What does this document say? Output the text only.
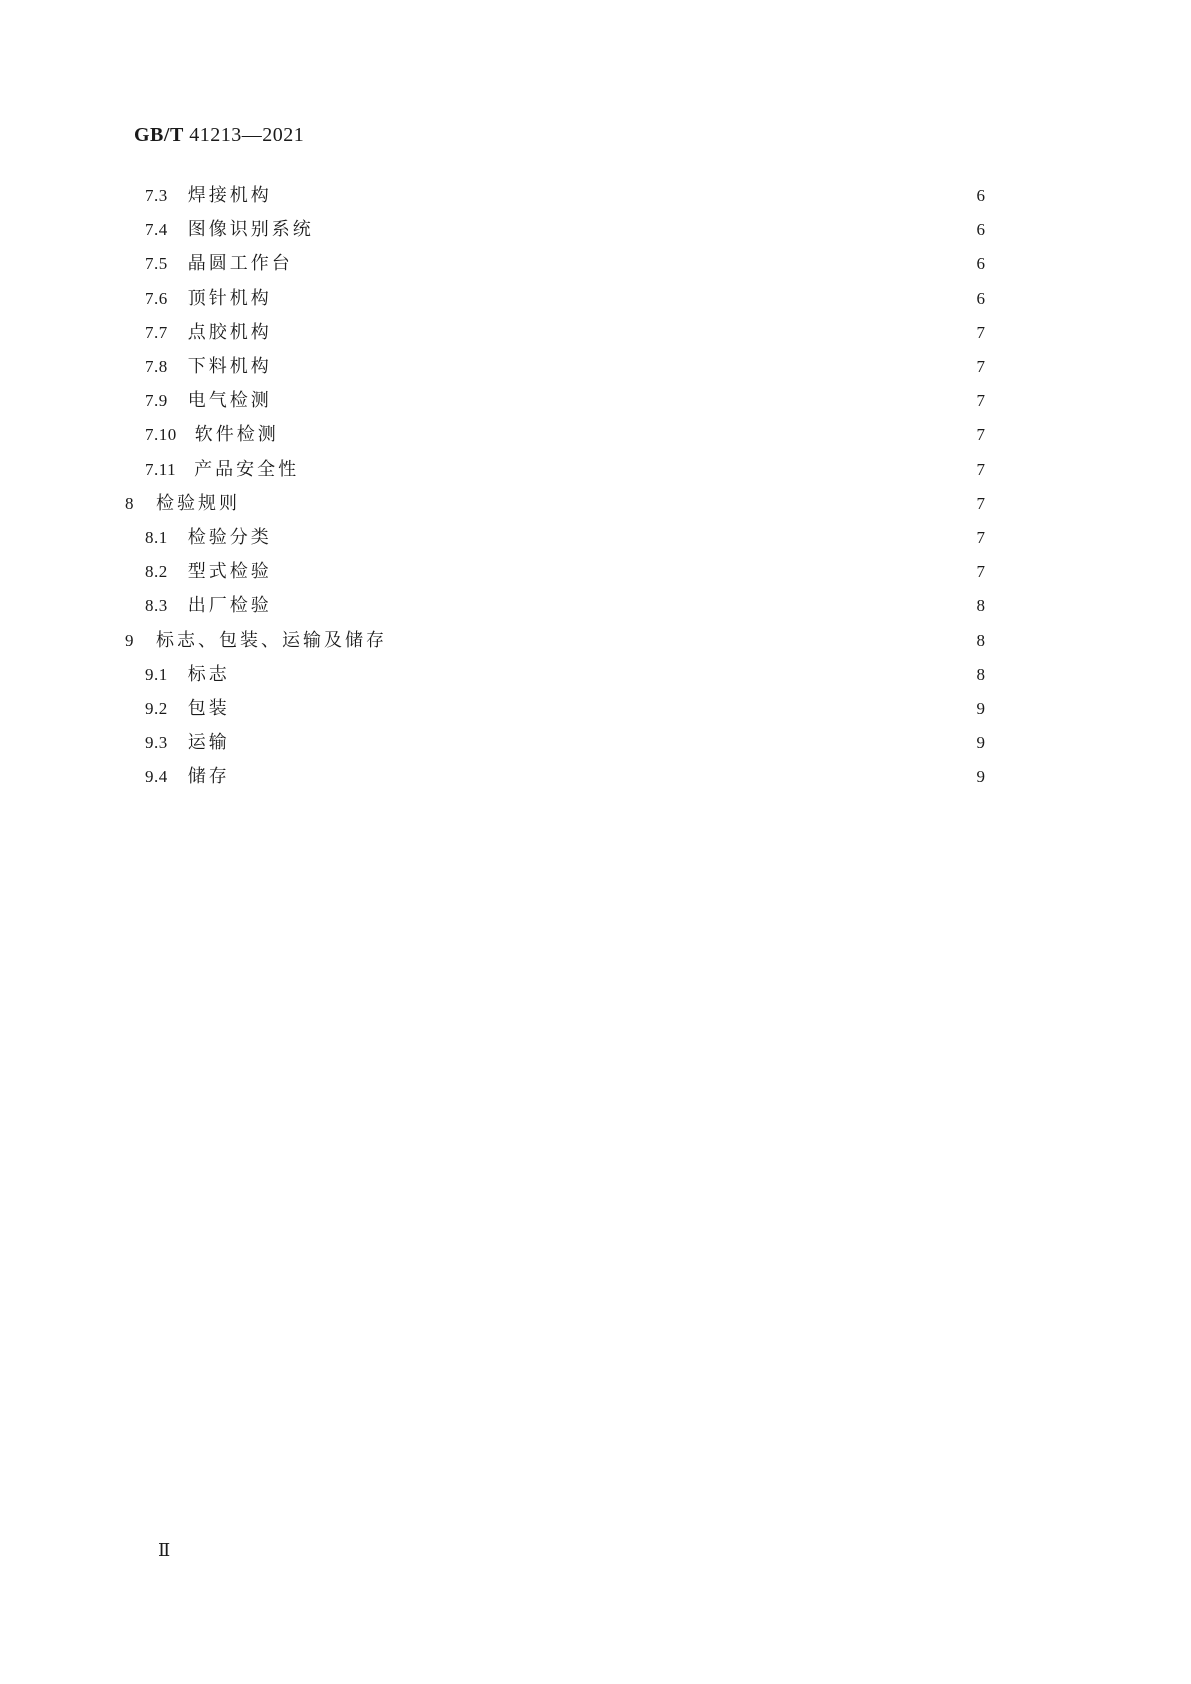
GB/T 41213—2021
7.3 焊接机构	6
7.4 图像识别系统	6
7.5 晶圆工作台	6
7.6 顶针机构	6
7.7 点胶机构	7
7.8 下料机构	7
7.9 电气检测	7
7.10 软件检测	7
7.11 产品安全性	7
8 检验规则	7
8.1 检验分类	7
8.2 型式检验	7
8.3 出厂检验	8
9 标志、包装、运输及储存	8
9.1 标志	8
9.2 包装	9
9.3 运输	9
9.4 储存	9
Ⅱ
